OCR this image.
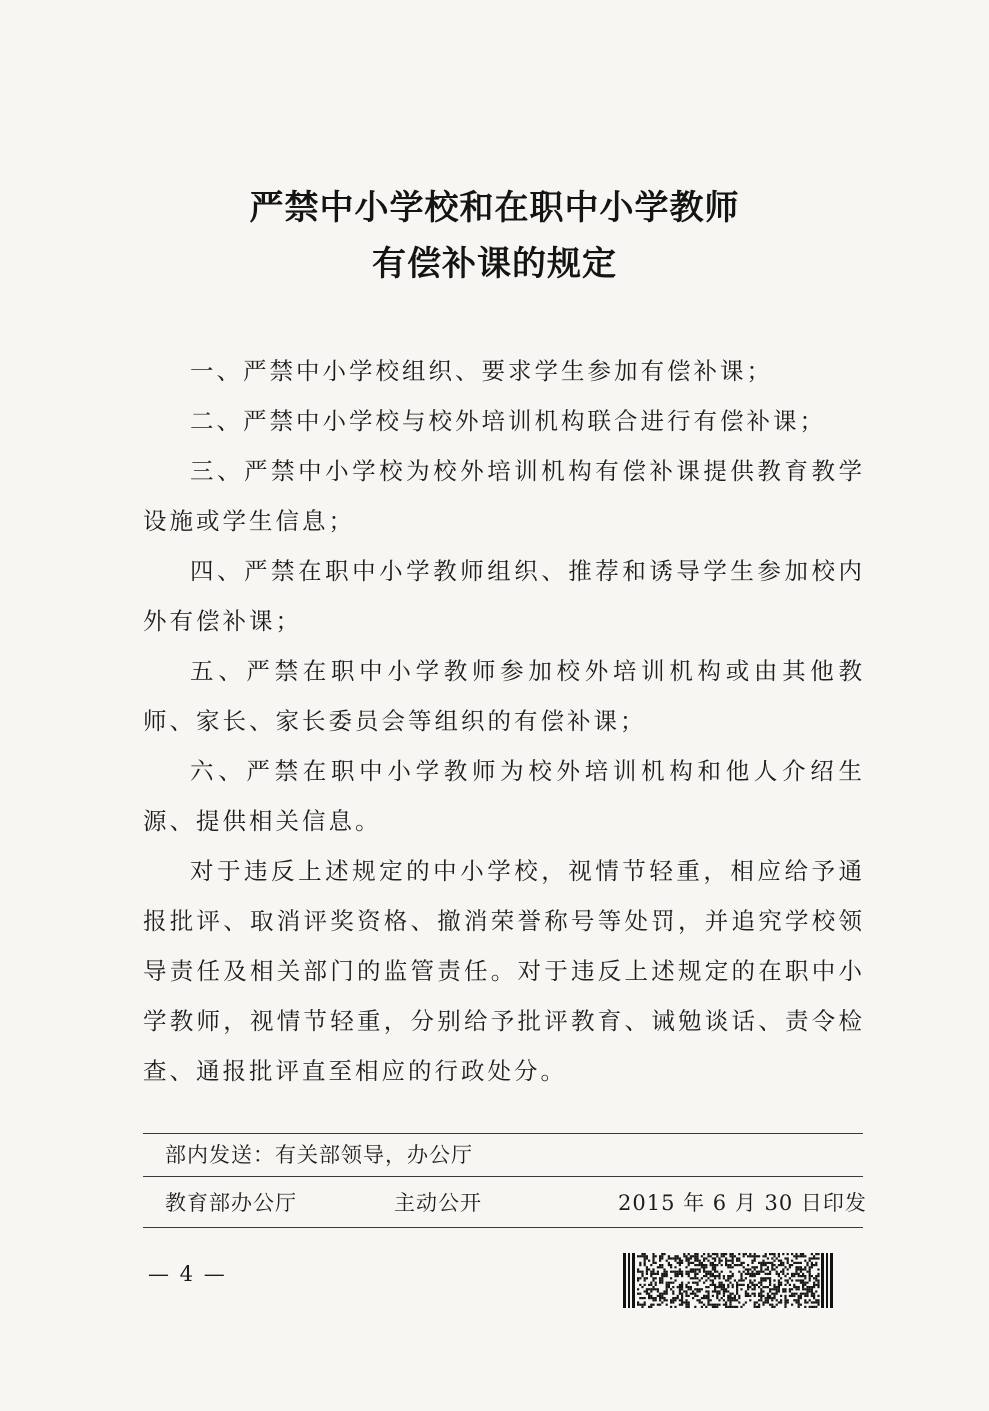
严禁中小学校和在职中小学教师
有偿补课的规定

一、严禁中小学校组织、要求学生参加有偿补课；

二、严禁中小学校与校外培训机构联合进行有偿补课；

三、严禁中小学校为校外培训机构有偿补课提供教育教学设施或学生信息；

四、严禁在职中小学教师组织、推荐和诱导学生参加校内外有偿补课；

五、严禁在职中小学教师参加校外培训机构或由其他教师、家长、家长委员会等组织的有偿补课；

六、严禁在职中小学教师为校外培训机构和他人介绍生源、提供相关信息。

对于违反上述规定的中小学校，视情节轻重，相应给予通报批评、取消评奖资格、撤消荣誉称号等处罚，并追究学校领导责任及相关部门的监管责任。对于违反上述规定的在职中小学教师，视情节轻重，分别给予批评教育、诫勉谈话、责令检查、通报批评直至相应的行政处分。

部内发送：有关部领导，办公厅
教育部办公厅	主动公开	2015 年 6 月 30 日印发
— 4 —
